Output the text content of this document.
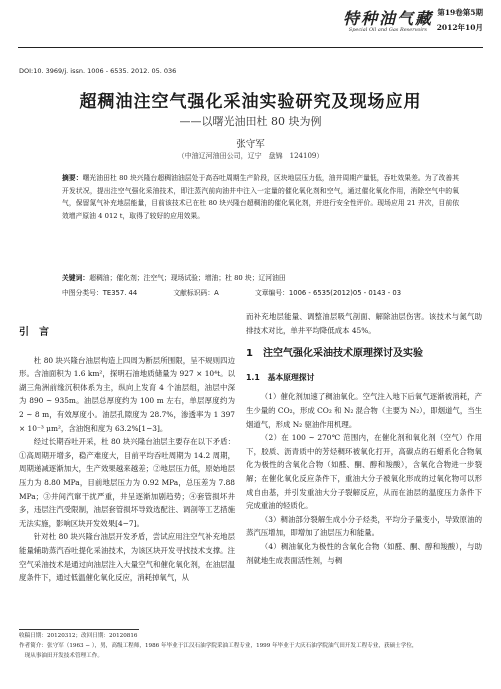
特种油气藏
Special Oil and Gas Reservoirs
第19卷第5期
2012年10月
DOI:10. 3969/j. issn. 1006 - 6535. 2012. 05. 036
超稠油注空气强化采油实验研究及现场应用
——以曙光油田杜 80 块为例
张守军
（中油辽河油田公司，辽宁　盘锦　124109）
摘要：曙光油田杜 80 块兴隆台超稠油油层处于高吞吐周期生产阶段，区块地层压力低，油井周期产量低，吞吐效果差。为了改善其开发状况，提出注空气强化采油技术，即注蒸汽前向油井中注入一定量的催化氧化剂和空气，通过催化氧化作用，消除空气中的氧气，保留氮气补充地层能量，目前该技术已在杜 80 块兴隆台超稠油的催化氧化剂，并进行安全性评价。现场应用 21 井次，目前依效增产原油 4 012 t，取得了较好的应用效果。
关键词：超稠油；催化剂；注空气；现场试验；增油；杜 80 块；辽河油田
中图分类号：TE357. 44	文献标识码：A	文章编号：1006 - 6535(2012)05 - 0143 - 03
引　言

杜 80 块兴隆台油层构造上四周为断层所围限，呈不规则四边形。含油面积为 1.6 km²，探明石油地质储量为 927 × 10⁴t。以湖三角洲前缘沉积体系为主，纵向上发育 4 个油层组，油层中深为 890 ~ 935m。油层总厚度约为 100 m 左右，单层厚度约为 2 ~ 8 m，有效厚度小。油层孔隙度为 28.7%，渗透率为 1 397 × 10⁻³ μm²，含油饱和度为 63.2%[1−3]。

经过长期吞吐开采，杜 80 块兴隆台油层主要存在以下矛盾：①高周期开增多，稳产难度大，目前平均吞吐周期为 14.2 周期，周期递减逐渐加大，生产效果越来越差；②地层压力低，原始地层压力为 8.80 MPa，目前地层压力为 0.92 MPa，总压差为 7.88 MPa；③井间汽窜干扰严重，井呈逐渐加剧趋势；④套管损坏井多，违层注汽受限制，油层套管损坏导致选配注、调剖等工艺措施无法实施，影响区块开发效果[4−7]。

针对杜 80 块兴隆台油层开发矛盾，尝试应用注空气补充地层能量辅助蒸汽吞吐提化采油技术，为该区块开发寻找技术支撑。注空气采油技术是通过向油层注入大量空气和催化氧化剂，在油层温度条件下，通过低温催化氧化反应，消耗掉氧气，从

而补充地层能量、调整油层吸气剖面、解除油层伤害。该技术与氮气助排技术对比，单井平均降低成本 45%。

1　注空气强化采油技术原理探讨及实验
1.1　基本原理探讨

（1）催化剂加速了稠油氧化。空气注入地下后氧气逐渐被消耗，产生少量的 CO₂，形成 CO₂ 和 N₂ 混合物（主要为 N₂），即烟道气，当生烟道气，形成 N₂ 驱油作用机理。

（2）在 100 ~ 270℃ 范围内，在催化剂和氧化剂（空气）作用下，胶质、沥青质中的芳烃稠环被氧化打开，高碳点的石蜡系化合物氧化为极性的含氧化合物（如醛、酮、醇和羧酸），含氧化合物进一步裂解；在催化氧化反应条件下，重油大分子被氧化形成的过氧化物可以形成自由基，并引发重油大分子裂解反应，从而在油层的温度压力条件下完成重油的轻质化。

（3）稠油部分裂解生成小分子烃类，平均分子量变小，导致原油的蒸汽压增加，即增加了油层压力和能量。

（4）稠油氧化为极性的含氧化合物（如醛、酮、醇和羧酸），与助剂就地生成表面活性剂，与稠

收稿日期：20120312；改回日期：20120816
作者简介：张守军（1963 − ），男，高级工程师，1986 年毕业于江汉石油学院采油工程专业，1999 年毕业于大庆石油学院油气田开发工程专业，获硕士学位，
　现从事油田开发技术管理工作。
